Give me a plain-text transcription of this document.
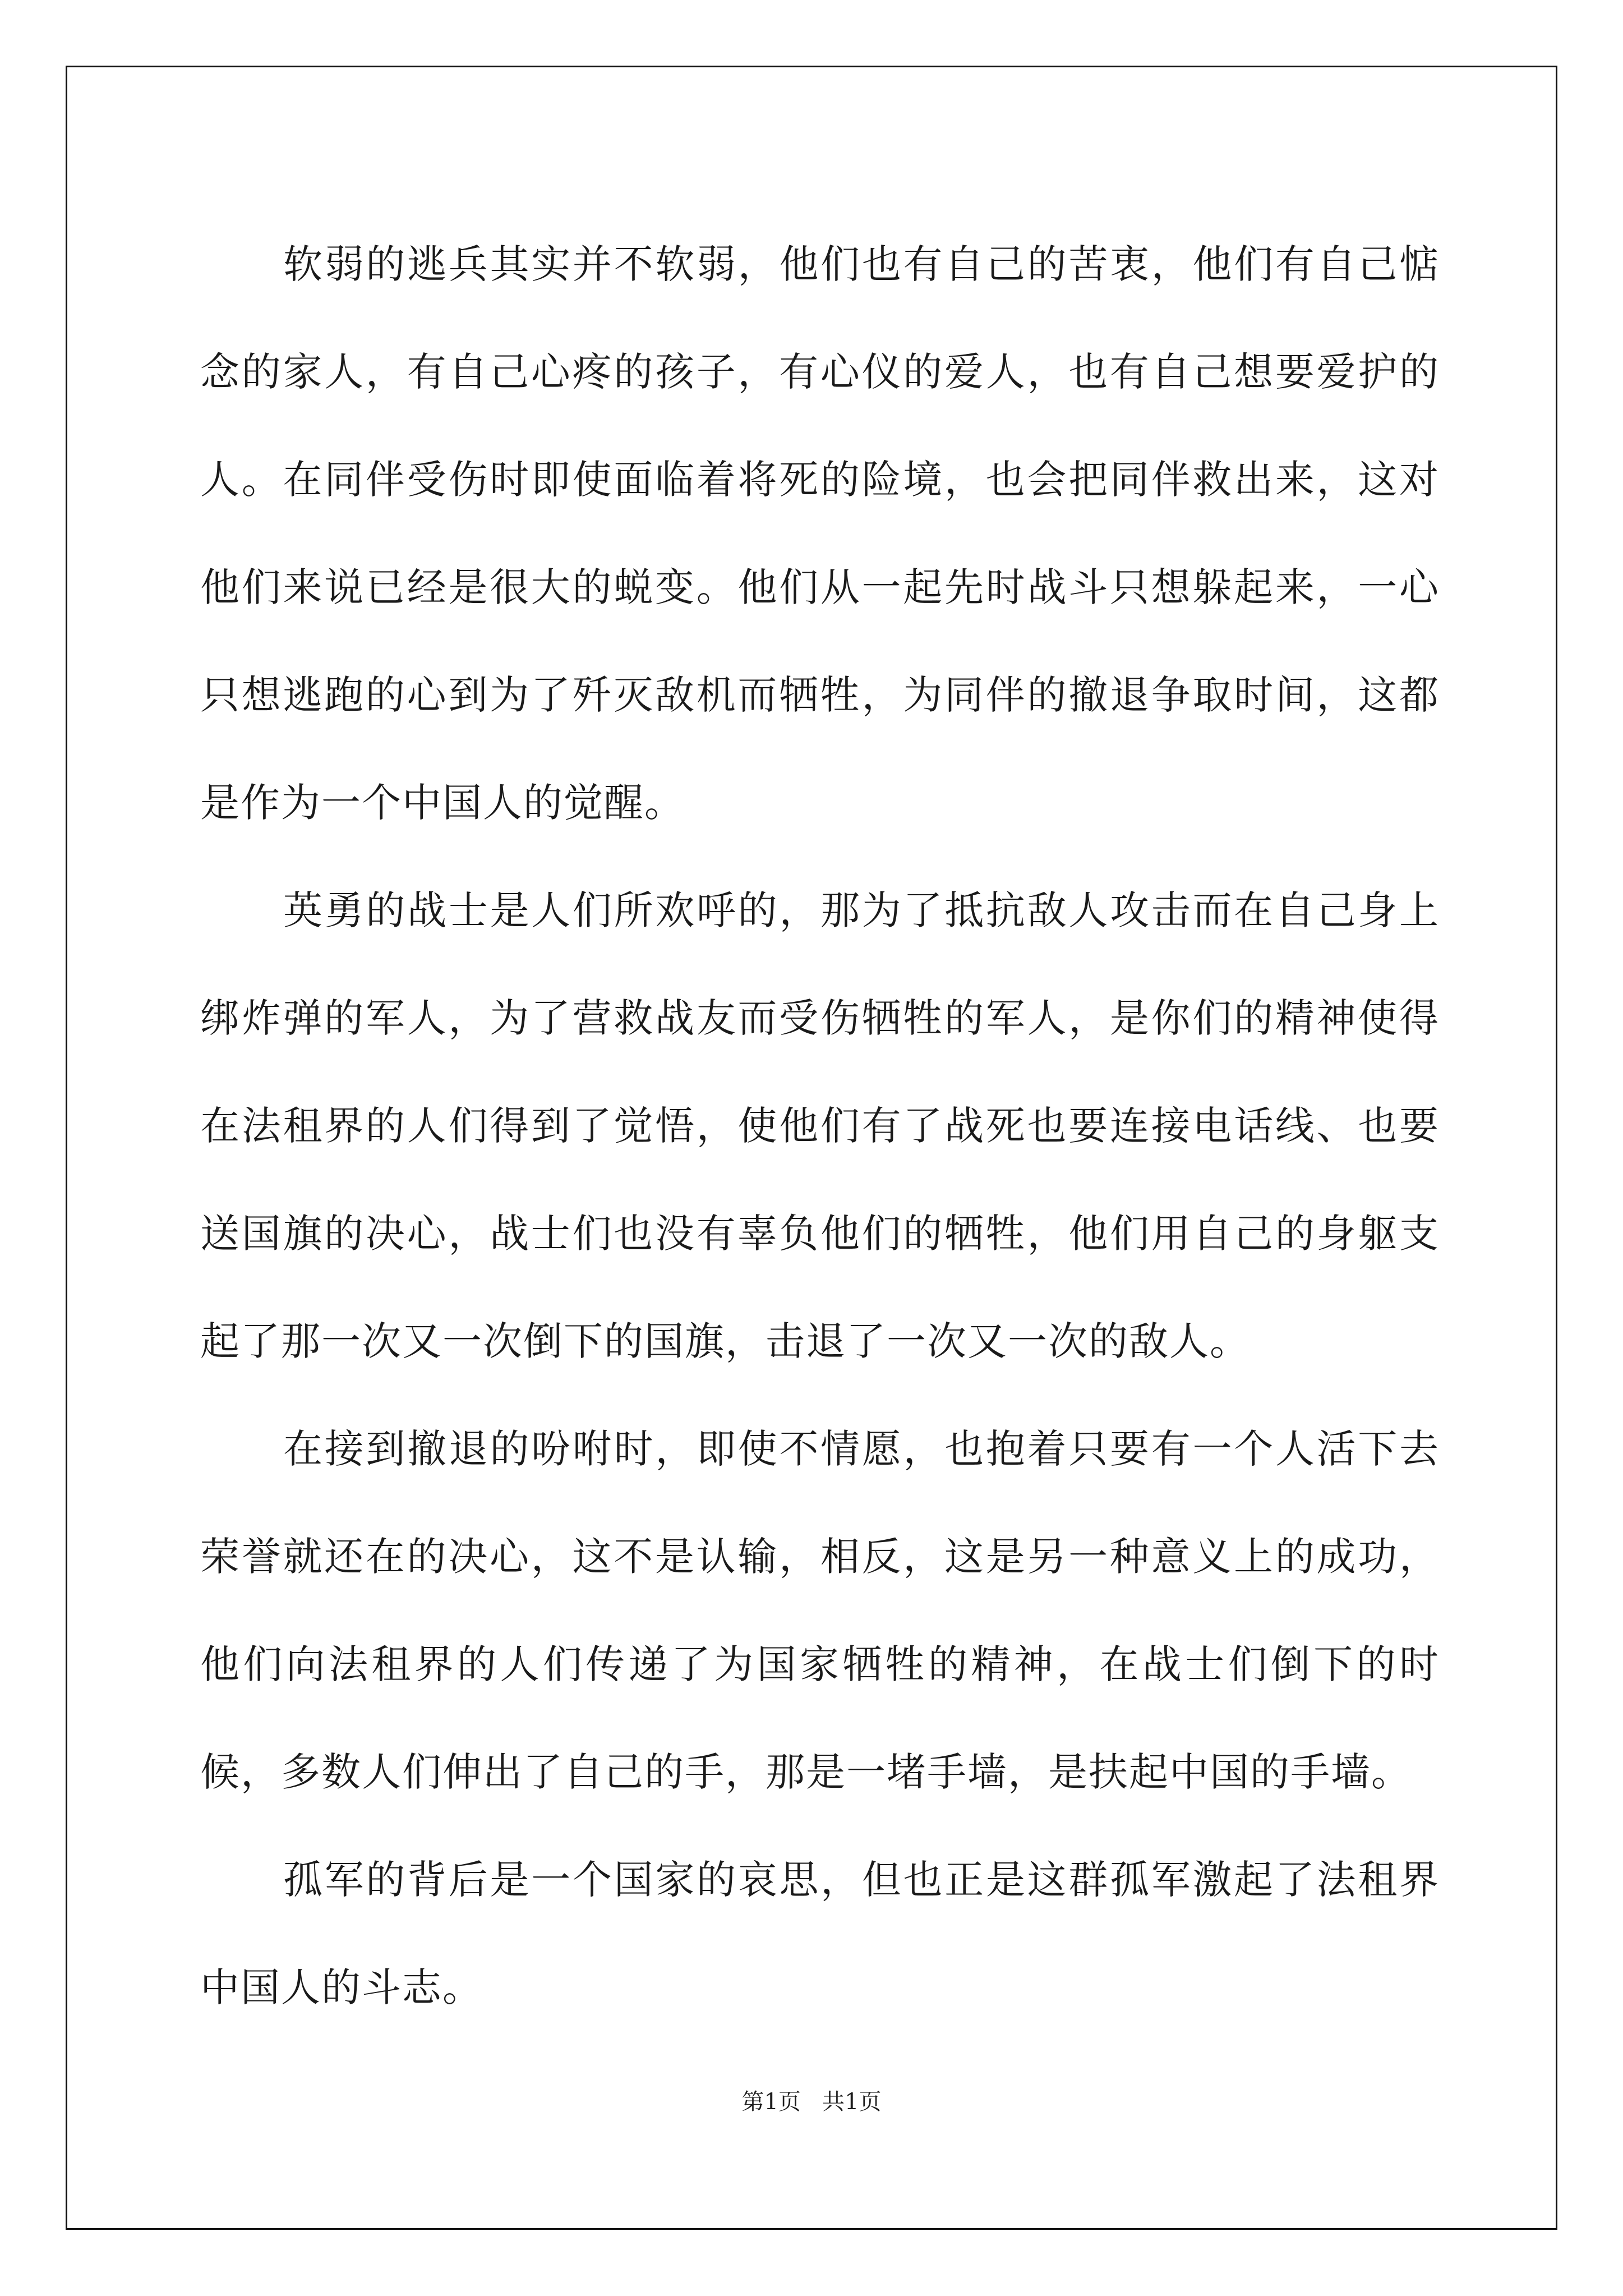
软弱的逃兵其实并不软弱，他们也有自己的苦衷，他们有自己惦念的家人，有自己心疼的孩子，有心仪的爱人，也有自己想要爱护的人。在同伴受伤时即使面临着将死的险境，也会把同伴救出来，这对他们来说已经是很大的蜕变。他们从一起先时战斗只想躲起来，一心只想逃跑的心到为了歼灭敌机而牺牲，为同伴的撤退争取时间，这都是作为一个中国人的觉醒。

英勇的战士是人们所欢呼的，那为了抵抗敌人攻击而在自己身上绑炸弹的军人，为了营救战友而受伤牺牲的军人，是你们的精神使得在法租界的人们得到了觉悟，使他们有了战死也要连接电话线、也要送国旗的决心，战士们也没有辜负他们的牺牲，他们用自己的身躯支起了那一次又一次倒下的国旗，击退了一次又一次的敌人。

在接到撤退的吩咐时，即使不情愿，也抱着只要有一个人活下去荣誉就还在的决心，这不是认输，相反，这是另一种意义上的成功，他们向法租界的人们传递了为国家牺牲的精神，在战士们倒下的时候，多数人们伸出了自己的手，那是一堵手墙，是扶起中国的手墙。

孤军的背后是一个国家的哀思，但也正是这群孤军激起了法租界中国人的斗志。

第1页   共1页
